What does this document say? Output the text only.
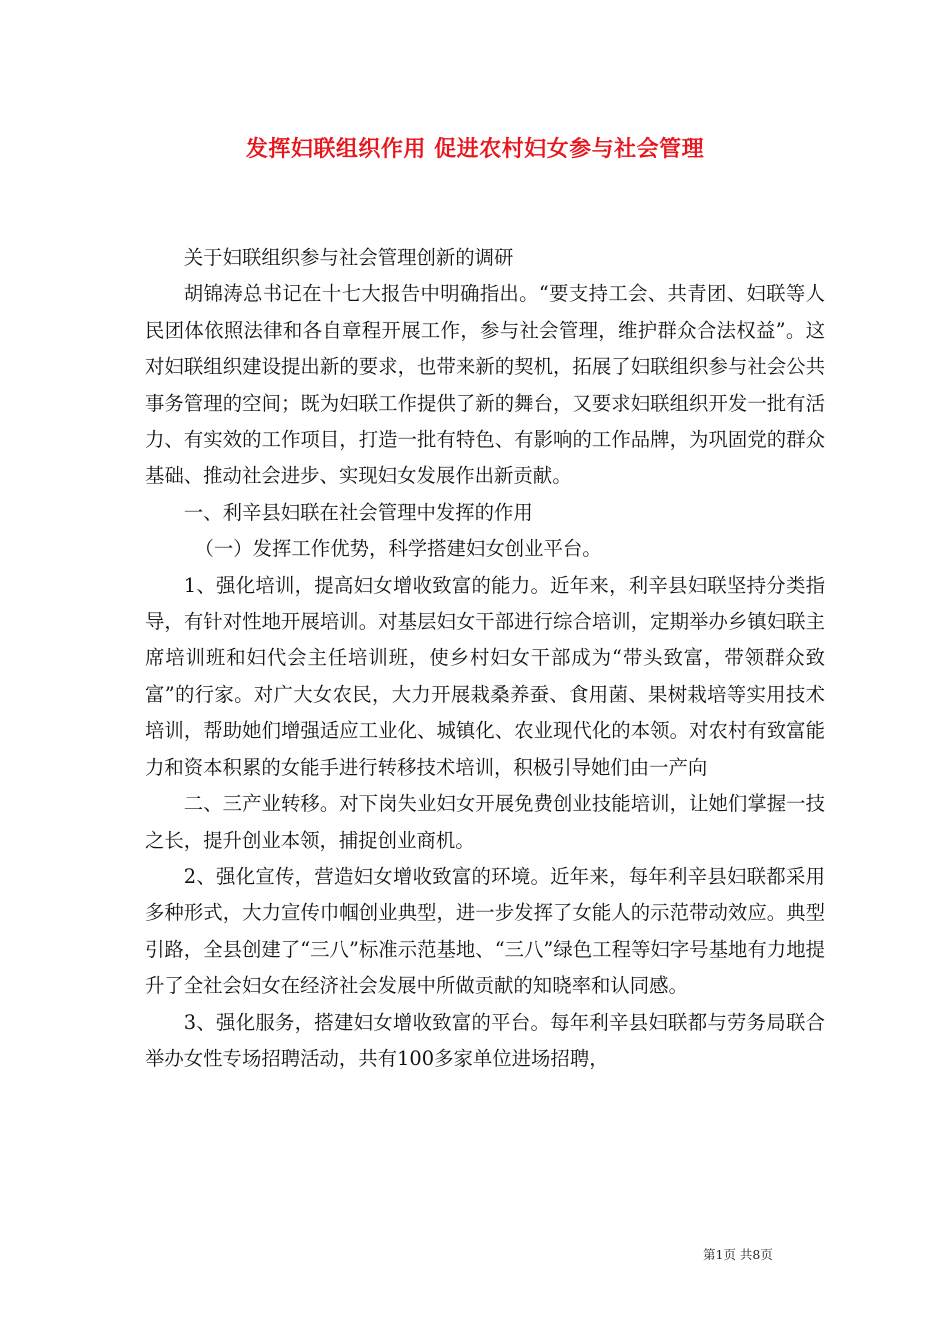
发挥妇联组织作用 促进农村妇女参与社会管理

关于妇联组织参与社会管理创新的调研

胡锦涛总书记在十七大报告中明确指出。“要支持工会、共青团、妇联等人民团体依照法律和各自章程开展工作，参与社会管理，维护群众合法权益”。这对妇联组织建设提出新的要求，也带来新的契机，拓展了妇联组织参与社会公共事务管理的空间；既为妇联工作提供了新的舞台，又要求妇联组织开发一批有活力、有实效的工作项目，打造一批有特色、有影响的工作品牌，为巩固党的群众基础、推动社会进步、实现妇女发展作出新贡献。

一、利辛县妇联在社会管理中发挥的作用

（一）发挥工作优势，科学搭建妇女创业平台。

1、强化培训，提高妇女增收致富的能力。近年来，利辛县妇联坚持分类指导，有针对性地开展培训。对基层妇女干部进行综合培训，定期举办乡镇妇联主席培训班和妇代会主任培训班，使乡村妇女干部成为“带头致富，带领群众致富”的行家。对广大女农民，大力开展栽桑养蚕、食用菌、果树栽培等实用技术培训，帮助她们增强适应工业化、城镇化、农业现代化的本领。对农村有致富能力和资本积累的女能手进行转移技术培训，积极引导她们由一产向

二、三产业转移。对下岗失业妇女开展免费创业技能培训，让她们掌握一技之长，提升创业本领，捕捉创业商机。

2、强化宣传，营造妇女增收致富的环境。近年来，每年利辛县妇联都采用多种形式，大力宣传巾帼创业典型，进一步发挥了女能人的示范带动效应。典型引路，全县创建了“三八”标准示范基地、“三八”绿色工程等妇字号基地有力地提升了全社会妇女在经济社会发展中所做贡献的知晓率和认同感。

3、强化服务，搭建妇女增收致富的平台。每年利辛县妇联都与劳务局联合举办女性专场招聘活动，共有100多家单位进场招聘，

第1页 共8页
